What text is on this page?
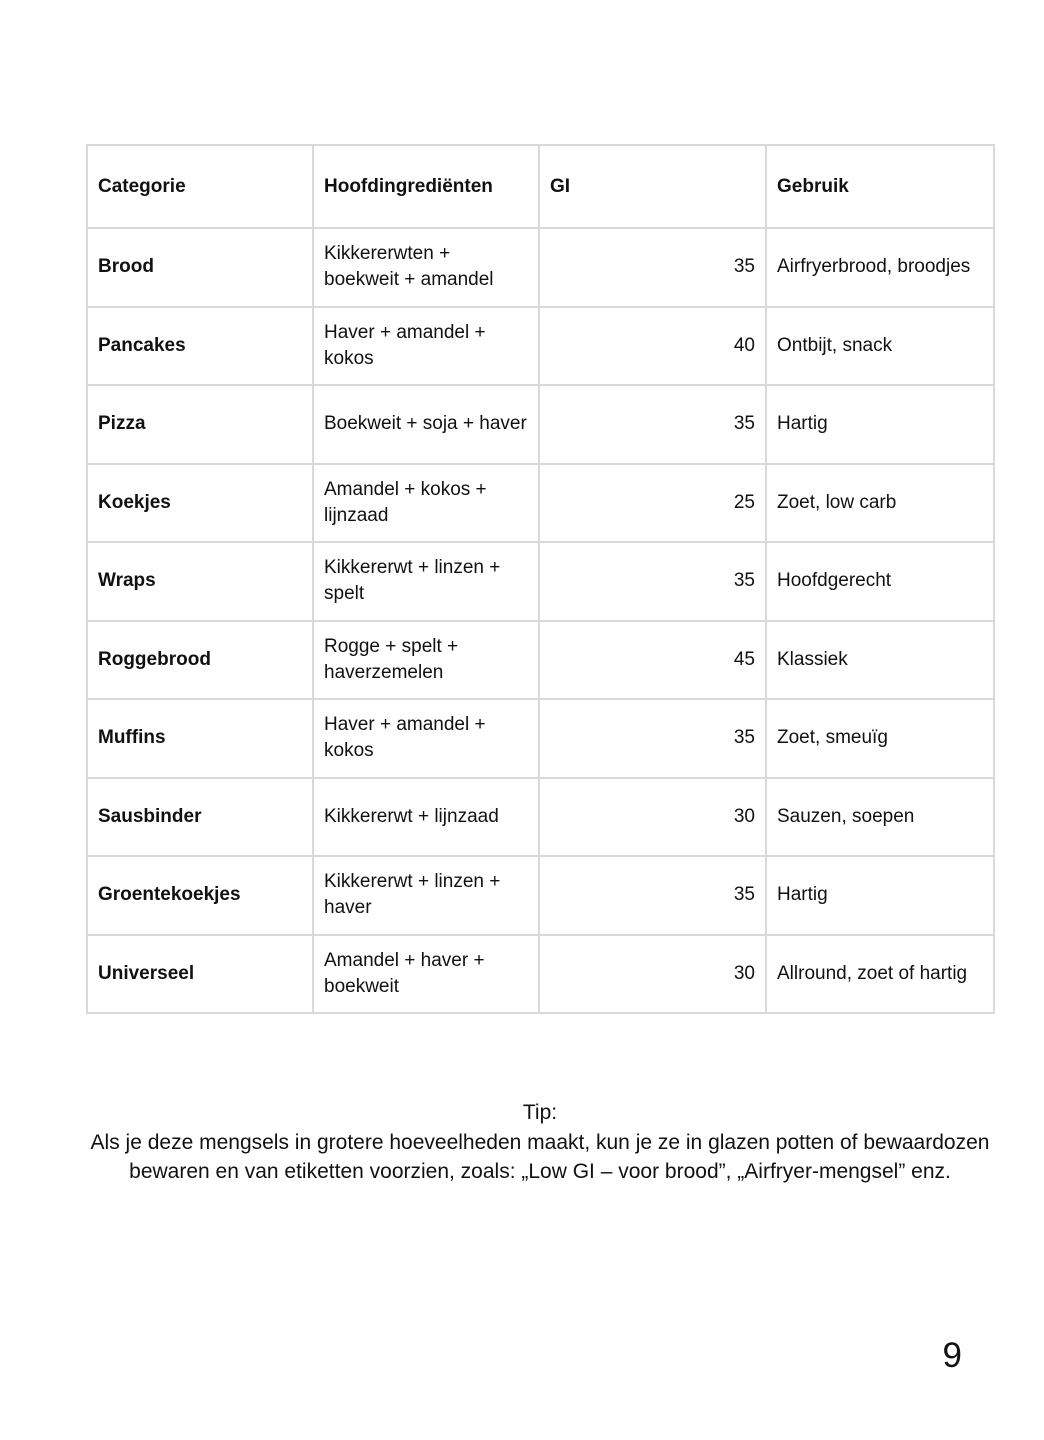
Categorie	Hoofdingrediënten	GI	Gebruik
Brood	Kikkererwten + boekweit + amandel	35	Airfryerbrood, broodjes
Pancakes	Haver + amandel + kokos	40	Ontbijt, snack
Pizza	Boekweit + soja + haver	35	Hartig
Koekjes	Amandel + kokos + lijnzaad	25	Zoet, low carb
Wraps	Kikkererwt + linzen + spelt	35	Hoofdgerecht
Roggebrood	Rogge + spelt + haverzemelen	45	Klassiek
Muffins	Haver + amandel + kokos	35	Zoet, smeuïg
Sausbinder	Kikkererwt + lijnzaad	30	Sauzen, soepen
Groentekoekjes	Kikkererwt + linzen + haver	35	Hartig
Universeel	Amandel + haver + boekweit	30	Allround, zoet of hartig
Tip:
Als je deze mengsels in grotere hoeveelheden maakt, kun je ze in glazen potten of bewaardozen bewaren en van etiketten voorzien, zoals: „Low GI – voor brood”, „Airfryer-mengsel” enz.
9
